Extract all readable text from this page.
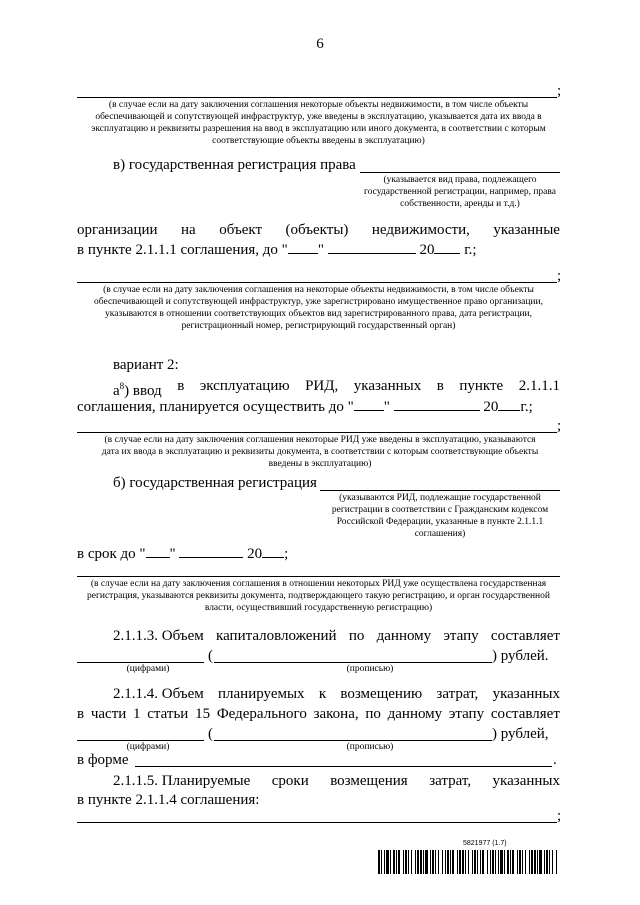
6
;
(в случае если на дату заключения соглашения некоторые объекты недвижимости, в том числе объекты обеспечивающей и сопутствующей инфраструктур, уже введены в эксплуатацию, указывается дата их ввода в эксплуатацию и реквизиты разрешения на ввод в эксплуатацию или иного документа, в соответствии с которым соответствующие объекты введены в эксплуатацию)
в) государственная регистрация права
(указывается вид права, подлежащего государственной регистрации, например, права собственности, аренды и т.д.)
организации на объект (объекты) недвижимости, указанные
в пункте 2.1.1.1 соглашения, до " "	20 г.;
;
(в случае если на дату заключения соглашения на некоторые объекты недвижимости, в том числе объекты обеспечивающей и сопутствующей инфраструктур, уже зарегистрировано имущественное право организации, указываются в отношении соответствующих объектов вид зарегистрированного права, дата регистрации, регистрационный номер, регистрирующий государственный орган)
вариант 2:
$а^8$) ввод в эксплуатацию РИД, указанных в пункте 2.1.1.1
соглашения, планируется осуществить до " "	20 г.;
;
(в случае если на дату заключения соглашения некоторые РИД уже введены в эксплуатацию, указываются дата их ввода в эксплуатацию и реквизиты документа, в соответствии с которым соответствующие объекты введены в эксплуатацию)
б) государственная регистрация
(указываются РИД, подлежащие государственной регистрации в соответствии с Гражданским кодексом Российской Федерации, указанные в пункте 2.1.1.1 соглашения)
в срок до " "	20 ;
(в случае если на дату заключения соглашения в отношении некоторых РИД уже осуществлена государственная регистрация, указываются реквизиты документа, подтверждающего такую регистрацию, и орган государственной власти, осуществивший государственную регистрацию)
2.1.1.3. Объем капиталовложений по данному этапу составляет
(	) рублей.
(цифрами)	(прописью)
2.1.1.4. Объем планируемых к возмещению затрат, указанных
в части 1 статьи 15 Федерального закона, по данному этапу составляет
(	) рублей,
(цифрами)	(прописью)
в форме	.
2.1.1.5. Планируемые сроки возмещения затрат, указанных
в пункте 2.1.1.4 соглашения:
;
5821977 (1.7)
